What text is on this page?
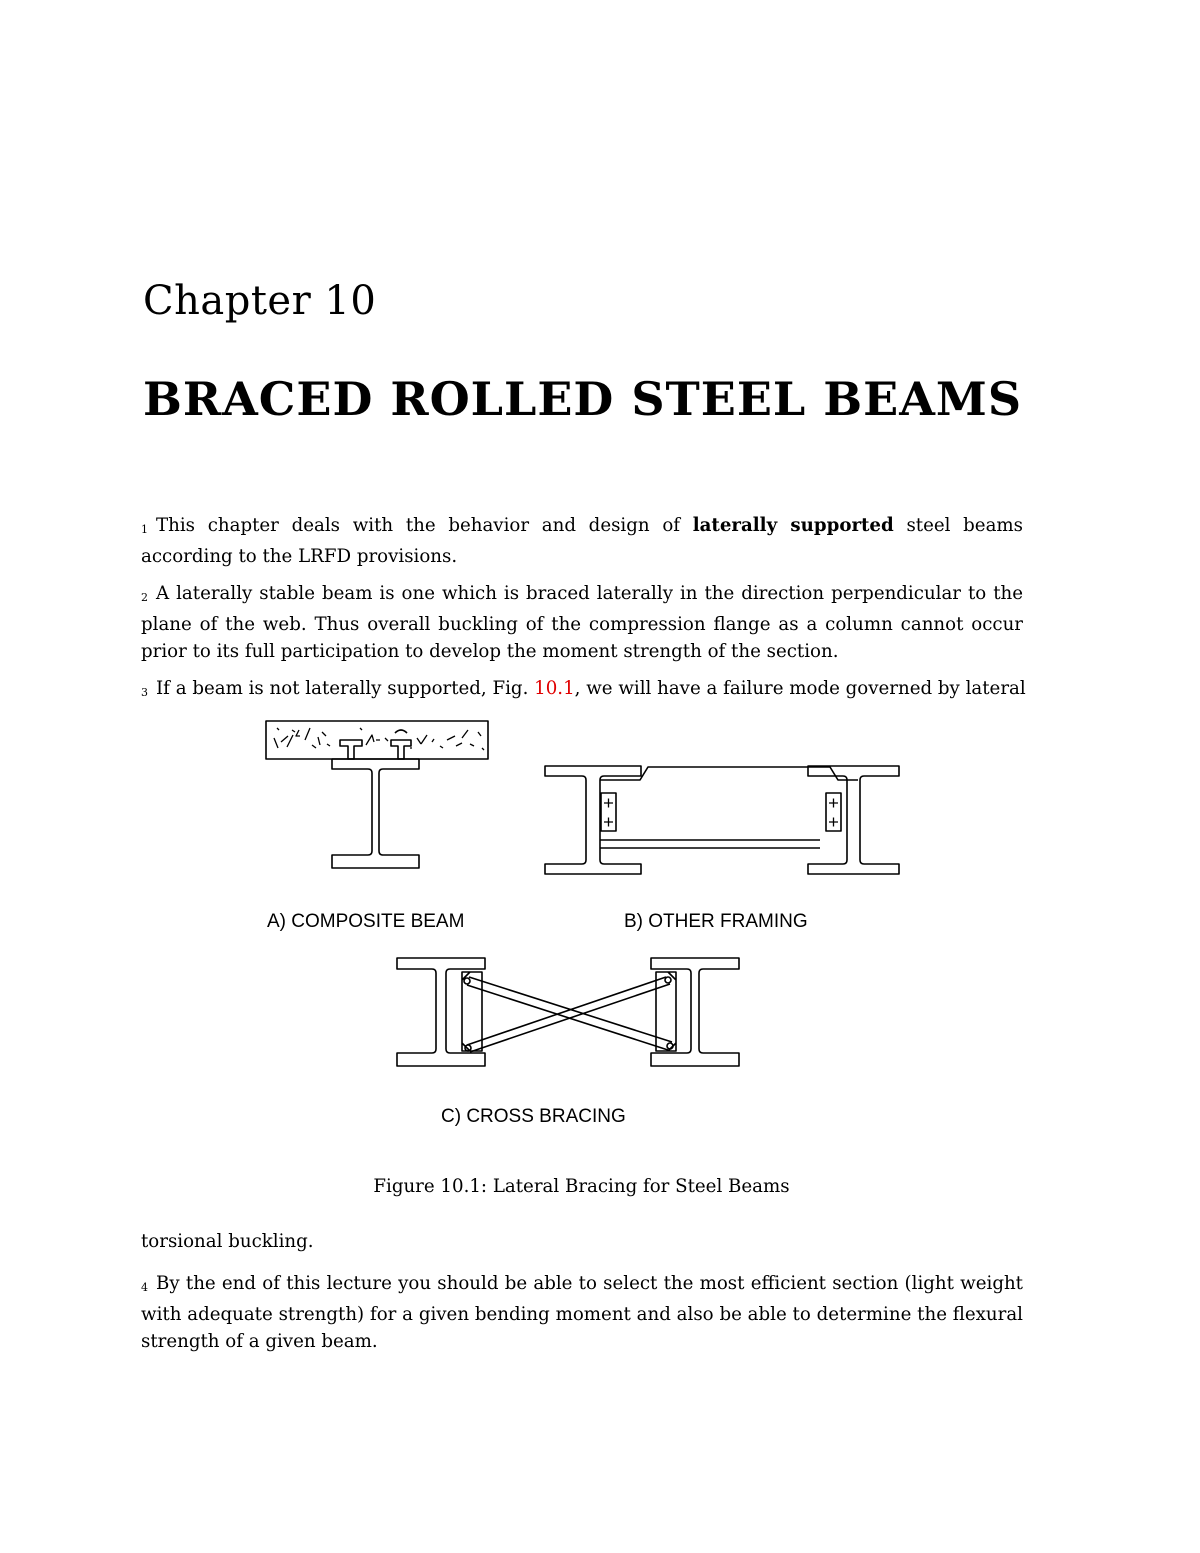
Chapter 10
BRACED ROLLED STEEL BEAMS
1 This chapter deals with the behavior and design of laterally supported steel beams according to the LRFD provisions.
2 A laterally stable beam is one which is braced laterally in the direction perpendicular to the plane of the web. Thus overall buckling of the compression flange as a column cannot occur prior to its full participation to develop the moment strength of the section.
3 If a beam is not laterally supported, Fig. 10.1, we will have a failure mode governed by lateral
A) COMPOSITE BEAM	B) OTHER FRAMING
C) CROSS BRACING
Figure 10.1: Lateral Bracing for Steel Beams
torsional buckling.
4 By the end of this lecture you should be able to select the most efficient section (light weight with adequate strength) for a given bending moment and also be able to determine the flexural strength of a given beam.
